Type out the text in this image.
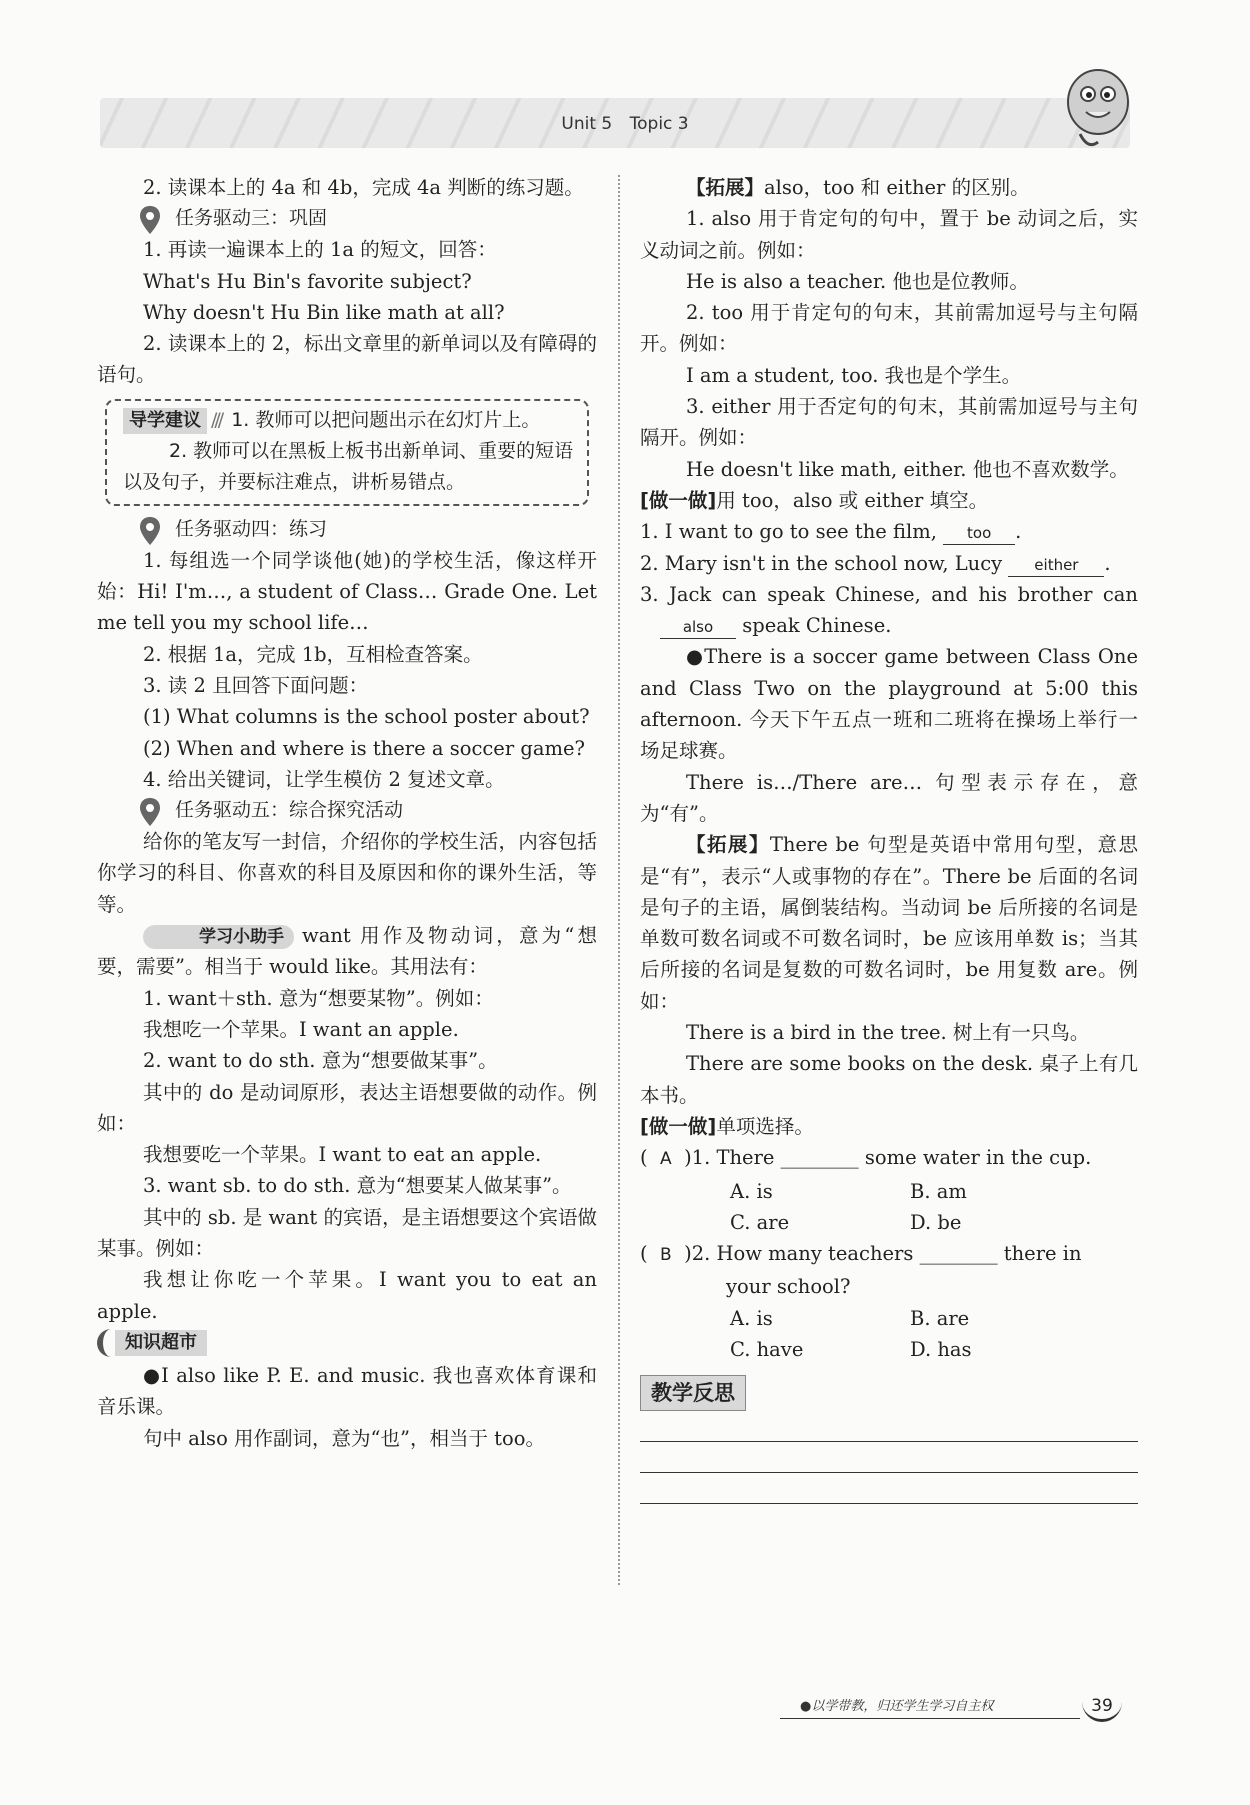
Unit 5 Topic 3
2. 读课本上的 4a 和 4b，完成 4a 判断的练习题。
任务驱动三：巩固
1. 再读一遍课本上的 1a 的短文，回答：
What's Hu Bin's favorite subject?
Why doesn't Hu Bin like math at all?
2. 读课本上的 2，标出文章里的新单词以及有障碍的语句。
导学建议 /// 1. 教师可以把问题出示在幻灯片上。
2. 教师可以在黑板上板书出新单词、重要的短语以及句子，并要标注难点，讲析易错点。
任务驱动四：练习
1. 每组选一个同学谈他(她)的学校生活，像这样开始：Hi! I'm…, a student of Class… Grade One. Let me tell you my school life…
2. 根据 1a，完成 1b，互相检查答案。
3. 读 2 且回答下面问题：
(1) What columns is the school poster about?
(2) When and where is there a soccer game?
4. 给出关键词，让学生模仿 2 复述文章。
任务驱动五：综合探究活动
给你的笔友写一封信，介绍你的学校生活，内容包括你学习的科目、你喜欢的科目及原因和你的课外生活，等等。
学习小助手 want 用作及物动词，意为“想要，需要”。相当于 would like。其用法有：
1. want＋sth. 意为“想要某物”。例如：
我想吃一个苹果。I want an apple.
2. want to do sth. 意为“想要做某事”。
其中的 do 是动词原形，表达主语想要做的动作。例如：
我想要吃一个苹果。I want to eat an apple.
3. want sb. to do sth. 意为“想要某人做某事”。
其中的 sb. 是 want 的宾语，是主语想要这个宾语做某事。例如：
我想让你吃一个苹果。I want you to eat an apple.
知识超市
●I also like P. E. and music. 我也喜欢体育课和音乐课。
句中 also 用作副词，意为“也”，相当于 too。
【拓展】also，too 和 either 的区别。
1. also 用于肯定句的句中，置于 be 动词之后，实义动词之前。例如：
He is also a teacher. 他也是位教师。
2. too 用于肯定句的句末，其前需加逗号与主句隔开。例如：
I am a student, too. 我也是个学生。
3. either 用于否定句的句末，其前需加逗号与主句隔开。例如：
He doesn't like math, either. 他也不喜欢数学。
[做一做]用 too，also 或 either 填空。
1. I want to go to see the film, too .
2. Mary isn't in the school now, Lucy either .
3. Jack can speak Chinese, and his brother can
also speak Chinese.
●There is a soccer game between Class One and Class Two on the playground at 5:00 this afternoon. 今天下午五点一班和二班将在操场上举行一场足球赛。
There is…/There are… 句型表示存在，意为“有”。
【拓展】There be 句型是英语中常用句型，意思是“有”，表示“人或事物的存在”。There be 后面的名词是句子的主语，属倒装结构。当动词 be 后所接的名词是单数可数名词或不可数名词时，be 应该用单数 is；当其后所接的名词是复数的可数名词时，be 用复数 are。例如：
There is a bird in the tree. 树上有一只鸟。
There are some books on the desk. 桌子上有几本书。
[做一做]单项选择。
(  A )1. There ________ some water in the cup.
A. is	B. am
C. are	D. be
(  B )2. How many teachers ________ there in
your school?
A. is	B. are
C. have	D. has
教学反思
●以学带教，归还学生学习自主权	39
